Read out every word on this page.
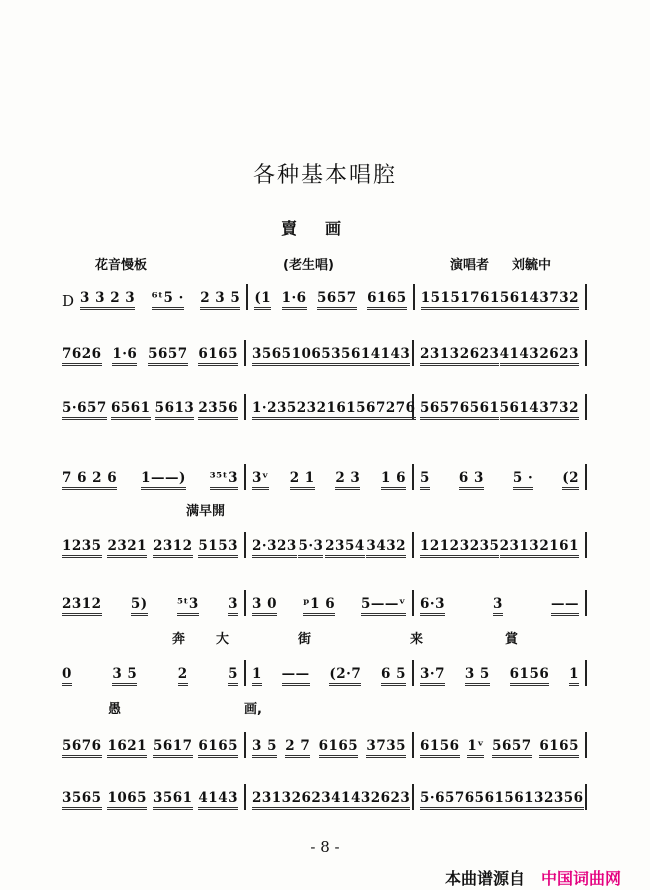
各种基本唱腔
賣画
花音慢板	(老生唱)	演唱者 刘毓中
D 3 3 2 3 ⁶ᵗ5 · 2 3 5 (1 1·6 5657 6165 1515 1761 5614 3732
7626 1·6 5657 6165 3565 1065 3561 4143 2313 2623 4143 2623
5·657 6561 5613 2356 1·235 2321 6156 7276 5657 6561 5614 3732
7 6 2 6 1——) ³⁵ᵗ3 3ᵛ 2 1 2 3 1 6 5 6 3 5 · (2
1235 2321 2312 5153 2·323 5·3 2354 3432 1212 3235 2313 2161
2312 5) ⁵ᵗ3 3 3 0 ᵖ1 6 5——ᵛ 6·3	3	——
0	3 5	2	5 1 —— (2·7 6 5 3·7 3 5 6156 1
5676 1621 5617 6165 3 5 2 7 6165 3735 6156 1ᵛ 5657 6165
3565 1065 3561 4143 2313 2623 4143 2623 5·657 6561 5613 2356
满早開
奔 大	街	来	賞
愚	画,
- 8 -
本曲谱源自 中国词曲网
